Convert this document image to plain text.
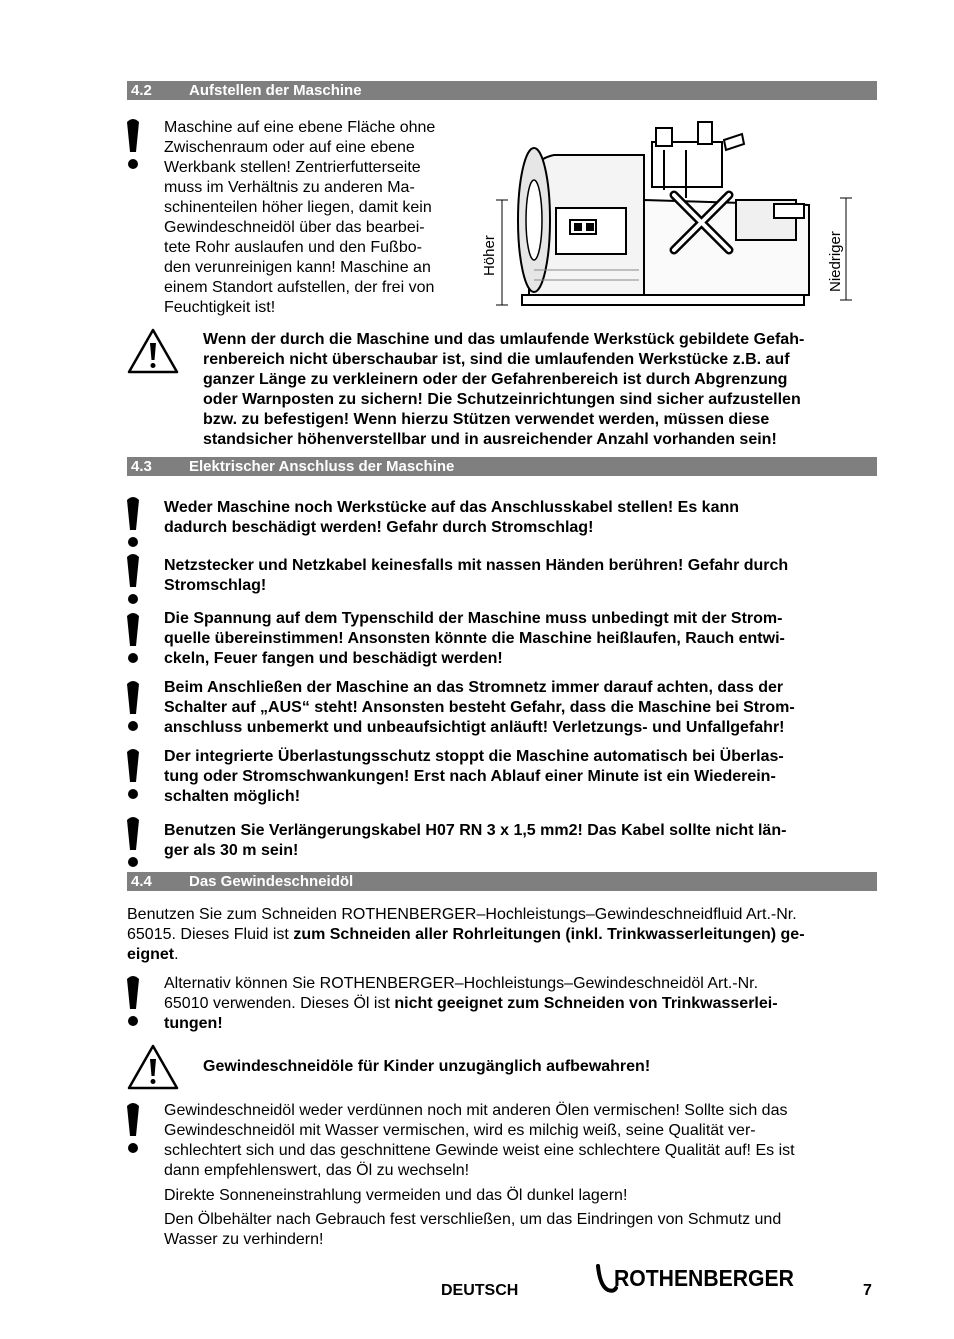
4.2 Aufstellen der Maschine
Maschine auf eine ebene Fläche ohne
Zwischenraum oder auf eine ebene
Werkbank stellen! Zentrierfutterseite
muss im Verhältnis zu anderen Ma-
schinenteilen höher liegen, damit kein
Gewindeschneidöl über das bearbei-
tete Rohr auslaufen und den Fußbo-
den verunreinigen kann! Maschine an
einem Standort aufstellen, der frei von
Feuchtigkeit ist!
Höher	Niedriger
Wenn der durch die Maschine und das umlaufende Werkstück gebildete Gefah-
renbereich nicht überschaubar ist, sind die umlaufenden Werkstücke z.B. auf
ganzer Länge zu verkleinern oder der Gefahrenbereich ist durch Abgrenzung
oder Warnposten zu sichern! Die Schutzeinrichtungen sind sicher aufzustellen
bzw. zu befestigen! Wenn hierzu Stützen verwendet werden, müssen diese
standsicher höhenverstellbar und in ausreichender Anzahl vorhanden sein!
4.3 Elektrischer Anschluss der Maschine
Weder Maschine noch Werkstücke auf das Anschlusskabel stellen! Es kann
dadurch beschädigt werden! Gefahr durch Stromschlag!
Netzstecker und Netzkabel keinesfalls mit nassen Händen berühren! Gefahr durch
Stromschlag!
Die Spannung auf dem Typenschild der Maschine muss unbedingt mit der Strom-
quelle übereinstimmen! Ansonsten könnte die Maschine heißlaufen, Rauch entwi-
ckeln, Feuer fangen und beschädigt werden!
Beim Anschließen der Maschine an das Stromnetz immer darauf achten, dass der
Schalter auf „AUS“ steht! Ansonsten besteht Gefahr, dass die Maschine bei Strom-
anschluss unbemerkt und unbeaufsichtigt anläuft! Verletzungs- und Unfallgefahr!
Der integrierte Überlastungsschutz stoppt die Maschine automatisch bei Überlas-
tung oder Stromschwankungen! Erst nach Ablauf einer Minute ist ein Wiederein-
schalten möglich!
Benutzen Sie Verlängerungskabel H07 RN 3 x 1,5 mm2! Das Kabel sollte nicht län-
ger als 30 m sein!
4.4 Das Gewindeschneidöl
Benutzen Sie zum Schneiden ROTHENBERGER–Hochleistungs–Gewindeschneidfluid Art.-Nr.
65015. Dieses Fluid ist zum Schneiden aller Rohrleitungen (inkl. Trinkwasserleitungen) ge-
eignet.
Alternativ können Sie ROTHENBERGER–Hochleistungs–Gewindeschneidöl Art.-Nr.
65010 verwenden. Dieses Öl ist nicht geeignet zum Schneiden von Trinkwasserlei-
tungen!
Gewindeschneidöle für Kinder unzugänglich aufbewahren!
Gewindeschneidöl weder verdünnen noch mit anderen Ölen vermischen! Sollte sich das
Gewindeschneidöl mit Wasser vermischen, wird es milchig weiß, seine Qualität ver-
schlechtert sich und das geschnittene Gewinde weist eine schlechtere Qualität auf! Es ist
dann empfehlenswert, das Öl zu wechseln!
Direkte Sonneneinstrahlung vermeiden und das Öl dunkel lagern!
Den Ölbehälter nach Gebrauch fest verschließen, um das Eindringen von Schmutz und
Wasser zu verhindern!
DEUTSCH	ROTHENBERGER	7
